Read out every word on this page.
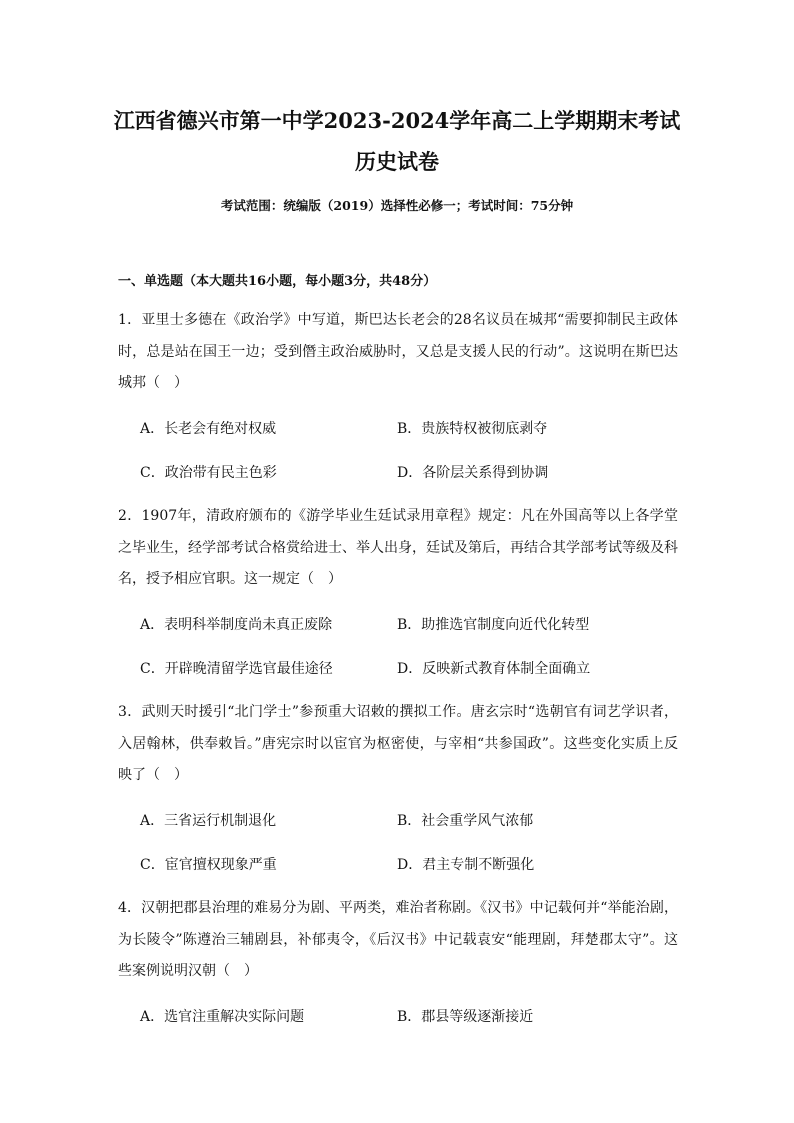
江西省德兴市第一中学2023-2024学年高二上学期期末考试
历史试卷
考试范围：统编版（2019）选择性必修一；考试时间：75分钟
一、单选题（本大题共16小题，每小题3分，共48分）
1．亚里士多德在《政治学》中写道，斯巴达长老会的28名议员在城邦“需要抑制民主政体时，总是站在国王一边；受到僭主政治威胁时，又总是支援人民的行动”。这说明在斯巴达城邦（　）
A．长老会有绝对权威	B．贵族特权被彻底剥夺
C．政治带有民主色彩	D．各阶层关系得到协调
2．1907年，清政府颁布的《游学毕业生廷试录用章程》规定：凡在外国高等以上各学堂之毕业生，经学部考试合格赏给进士、举人出身，廷试及第后，再结合其学部考试等级及科名，授予相应官职。这一规定（　）
A．表明科举制度尚未真正废除	B．助推选官制度向近代化转型
C．开辟晚清留学选官最佳途径	D．反映新式教育体制全面确立
3．武则天时援引“北门学士”参预重大诏敕的撰拟工作。唐玄宗时“选朝官有词艺学识者，入居翰林，供奉敕旨。”唐宪宗时以宦官为枢密使，与宰相“共参国政”。这些变化实质上反映了（　）
A．三省运行机制退化	B．社会重学风气浓郁
C．宦官擅权现象严重	D．君主专制不断强化
4．汉朝把郡县治理的难易分为剧、平两类，难治者称剧。《汉书》中记载何并“举能治剧，为长陵令”陈遵治三辅剧县，补郁夷令，《后汉书》中记载袁安“能理剧，拜楚郡太守”。这些案例说明汉朝（　）
A．选官注重解决实际问题	B．郡县等级逐渐接近
